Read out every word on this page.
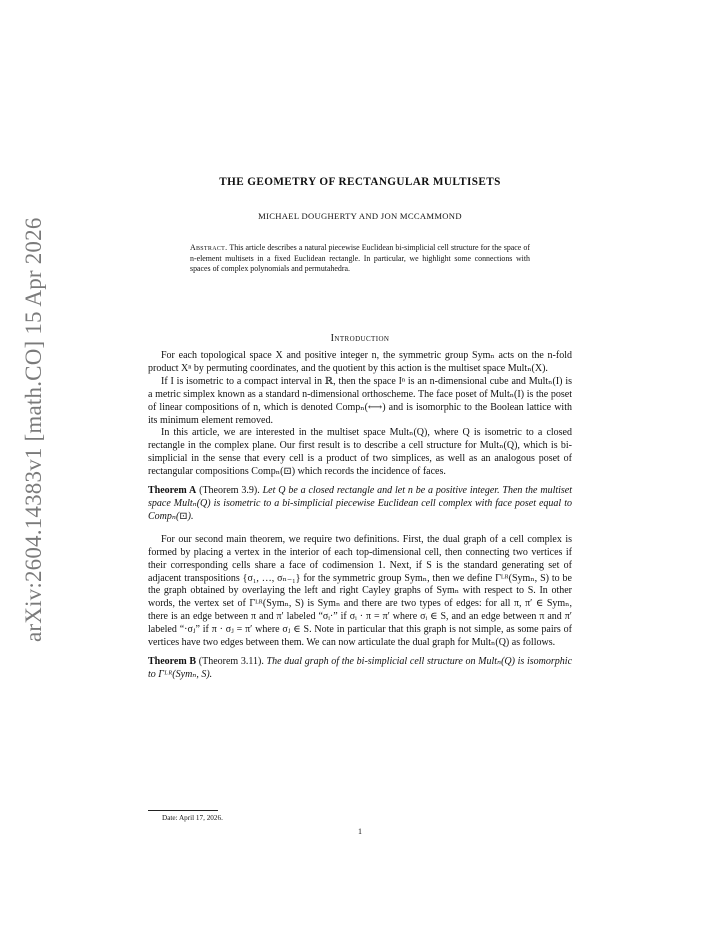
arXiv:2604.14383v1 [math.CO] 15 Apr 2026
THE GEOMETRY OF RECTANGULAR MULTISETS
MICHAEL DOUGHERTY AND JON MCCAMMOND
Abstract. This article describes a natural piecewise Euclidean bi-simplicial cell structure for the space of n-element multisets in a fixed Euclidean rectangle. In particular, we highlight some connections with spaces of complex polynomials and permutahedra.
Introduction

For each topological space X and positive integer n, the symmetric group Symₙ acts on the n-fold product Xⁿ by permuting coordinates, and the quotient by this action is the multiset space Multₙ(X).

If I is isometric to a compact interval in ℝ, then the space Iⁿ is an n-dimensional cube and Multₙ(I) is a metric simplex known as a standard n-dimensional orthoscheme. The face poset of Multₙ(I) is the poset of linear compositions of n, which is denoted Compₙ(⟷) and is isomorphic to the Boolean lattice with its minimum element removed.

In this article, we are interested in the multiset space Multₙ(Q), where Q is isometric to a closed rectangle in the complex plane. Our first result is to describe a cell structure for Multₙ(Q), which is bi-simplicial in the sense that every cell is a product of two simplices, as well as an analogous poset of rectangular compositions Compₙ(⊡) which records the incidence of faces.

Theorem A (Theorem 3.9). Let Q be a closed rectangle and let n be a positive integer. Then the multiset space Multₙ(Q) is isometric to a bi-simplicial piecewise Euclidean cell complex with face poset equal to Compₙ(⊡).

For our second main theorem, we require two definitions. First, the dual graph of a cell complex is formed by placing a vertex in the interior of each top-dimensional cell, then connecting two vertices if their corresponding cells share a face of codimension 1. Next, if S is the standard generating set of adjacent transpositions {σ₁, …, σₙ₋₁} for the symmetric group Symₙ, then we define Γᴸᴿ(Symₙ, S) to be the graph obtained by overlaying the left and right Cayley graphs of Symₙ with respect to S. In other words, the vertex set of Γᴸᴿ(Symₙ, S) is Symₙ and there are two types of edges: for all π, π′ ∈ Symₙ, there is an edge between π and π′ labeled “σᵢ·” if σᵢ · π = π′ where σᵢ ∈ S, and an edge between π and π′ labeled “·σⱼ” if π · σⱼ = π′ where σⱼ ∈ S. Note in particular that this graph is not simple, as some pairs of vertices have two edges between them. We can now articulate the dual graph for Multₙ(Q) as follows.

Theorem B (Theorem 3.11). The dual graph of the bi-simplicial cell structure on Multₙ(Q) is isomorphic to Γᴸᴿ(Symₙ, S).

Date: April 17, 2026.
1
